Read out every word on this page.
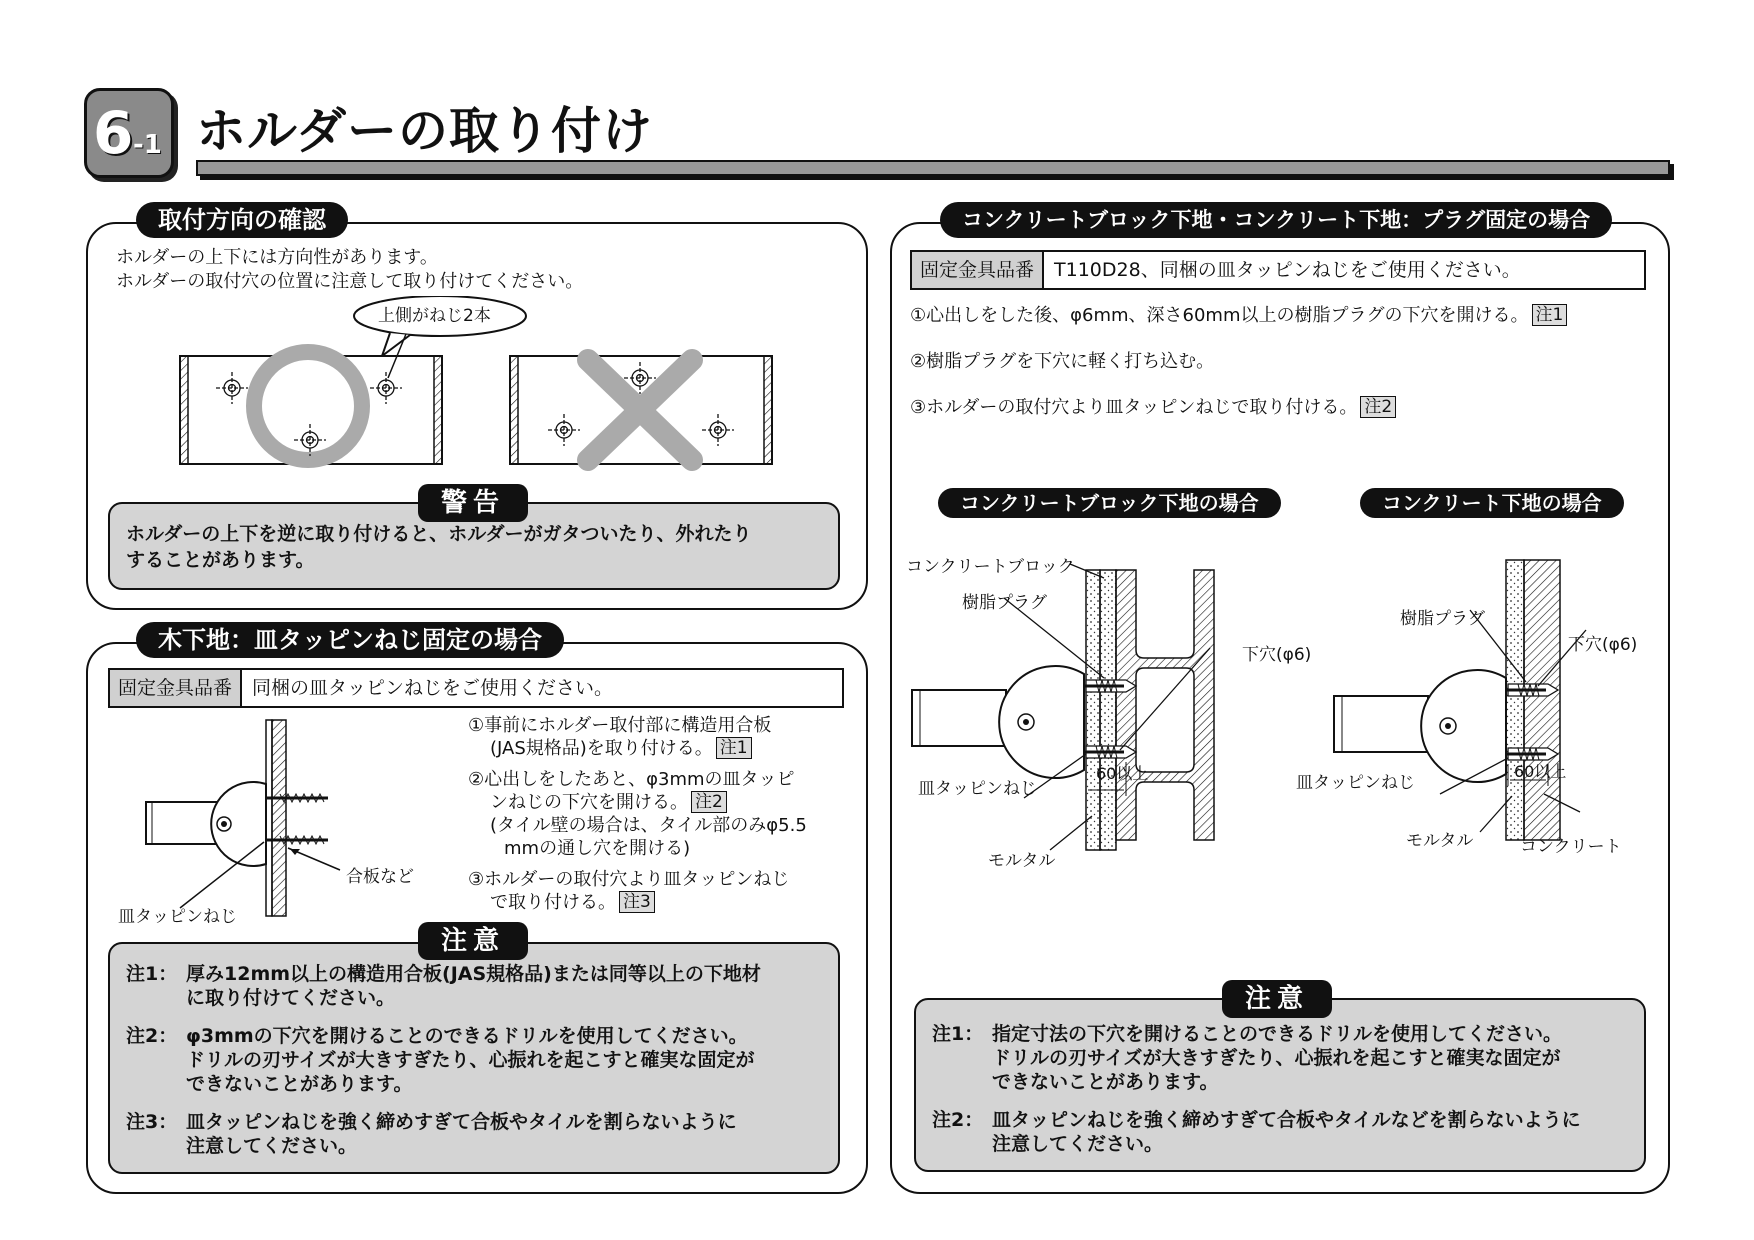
6 -1 ホルダーの取り付け
取付方向の確認
ホルダーの上下には方向性があります。
ホルダーの取付穴の位置に注意して取り付けてください。
上側がねじ2本
警告
ホルダーの上下を逆に取り付けると、ホルダーがガタついたり、外れたり
することがあります。
木下地：皿タッピンねじ固定の場合
固定金具品番	同梱の皿タッピンねじをご使用ください。
合板など
皿タッピンねじ
①事前にホルダー取付部に構造用合板
(JAS規格品)を取り付ける。 注1
②心出しをしたあと、φ3mmの皿タッピ
ンねじの下穴を開ける。 注2
(タイル壁の場合は、タイル部のみφ5.5
mmの通し穴を開ける)
③ホルダーの取付穴より皿タッピンねじ
で取り付ける。 注3
注意
注1： 厚み12mm以上の構造用合板(JAS規格品)または同等以上の下地材
に取り付けてください。
注2： φ3mmの下穴を開けることのできるドリルを使用してください。
ドリルの刃サイズが大きすぎたり、心振れを起こすと確実な固定が
できないことがあります。
注3： 皿タッピンねじを強く締めすぎて合板やタイルを割らないように
注意してください。
コンクリートブロック下地・コンクリート下地：プラグ固定の場合
固定金具品番	T110D28、同梱の皿タッピンねじをご使用ください。
①心出しをした後、φ6mm、深さ60mm以上の樹脂プラグの下穴を開ける。 注1
②樹脂プラグを下穴に軽く打ち込む。
③ホルダーの取付穴より皿タッピンねじで取り付ける。 注2
コンクリートブロック下地の場合	コンクリート下地の場合
コンクリートブロック
樹脂プラグ
下穴(φ6)
60以上
皿タッピンねじ
モルタル
樹脂プラグ
下穴(φ6)
60以上
皿タッピンねじ
モルタル	コンクリート
注意
注1： 指定寸法の下穴を開けることのできるドリルを使用してください。
ドリルの刃サイズが大きすぎたり、心振れを起こすと確実な固定が
できないことがあります。
注2： 皿タッピンねじを強く締めすぎて合板やタイルなどを割らないように
注意してください。
